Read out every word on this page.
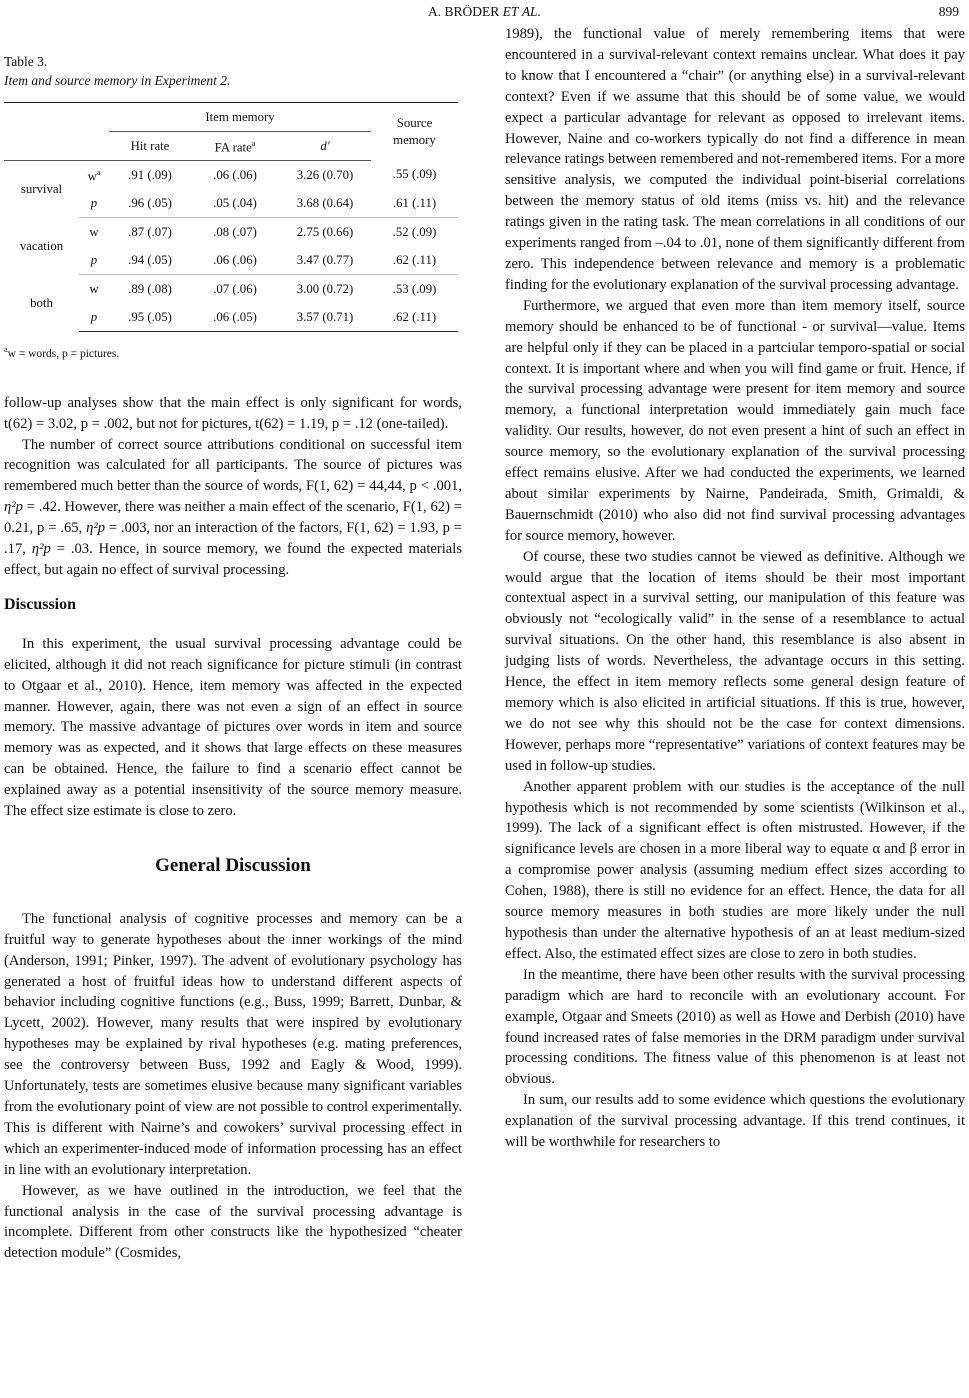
A. BRÖDER ET AL.	899
Table 3.
Item and source memory in Experiment 2.
		Item memory			Source
memory
		Hit rate	FA rate$^a$	d'	
survival	$w^a$	.91 (.09)	.06 (.06)	3.26 (0.70)	.55 (.09)
	p	.96 (.05)	.05 (.04)	3.68 (0.64)	.61 (.11)
vacation	w	.87 (.07)	.08 (.07)	2.75 (0.66)	.52 (.09)
	p	.94 (.05)	.06 (.06)	3.47 (0.77)	.62 (.11)
both	w	.89 (.08)	.07 (.06)	3.00 (0.72)	.53 (.09)
	p	.95 (.05)	.06 (.05)	3.57 (0.71)	.62 (.11)
$^a$w = words, p = pictures.

follow-up analyses show that the main effect is only significant for words, t(62) = 3.02, p = .002, but not for pictures, t(62) = 1.19, p = .12 (one-tailed).

The number of correct source attributions conditional on successful item recognition was calculated for all participants. The source of pictures was remembered much better than the source of words, F(1, 62) = 44,44, p < .001, η²p = .42. However, there was neither a main effect of the scenario, F(1, 62) = 0.21, p = .65, η²p = .003, nor an interaction of the factors, F(1, 62) = 1.93, p = .17, η²p = .03. Hence, in source memory, we found the expected materials effect, but again no effect of survival processing.

Discussion

In this experiment, the usual survival processing advantage could be elicited, although it did not reach significance for picture stimuli (in contrast to Otgaar et al., 2010). Hence, item memory was affected in the expected manner. However, again, there was not even a sign of an effect in source memory. The massive advantage of pictures over words in item and source memory was as expected, and it shows that large effects on these measures can be obtained. Hence, the failure to find a scenario effect cannot be explained away as a potential insensitivity of the source memory measure. The effect size estimate is close to zero.

General Discussion

The functional analysis of cognitive processes and memory can be a fruitful way to generate hypotheses about the inner workings of the mind (Anderson, 1991; Pinker, 1997). The advent of evolutionary psychology has generated a host of fruitful ideas how to understand different aspects of behavior including cognitive functions (e.g., Buss, 1999; Barrett, Dunbar, & Lycett, 2002). However, many results that were inspired by evolutionary hypotheses may be explained by rival hypotheses (e.g. mating preferences, see the controversy between Buss, 1992 and Eagly & Wood, 1999). Unfortunately, tests are sometimes elusive because many significant variables from the evolutionary point of view are not possible to control experimentally. This is different with Nairne’s and cowokers’ survival processing effect in which an experimenter-induced mode of information processing has an effect in line with an evolutionary interpretation.

However, as we have outlined in the introduction, we feel that the functional analysis in the case of the survival processing advantage is incomplete. Different from other constructs like the hypothesized “cheater detection module” (Cosmides,

1989), the functional value of merely remembering items that were encountered in a survival-relevant context remains unclear. What does it pay to know that I encountered a “chair” (or anything else) in a survival-relevant context? Even if we assume that this should be of some value, we would expect a particular advantage for relevant as opposed to irrelevant items. However, Naine and co-workers typically do not find a difference in mean relevance ratings between remembered and not-remembered items. For a more sensitive analysis, we computed the individual point-biserial correlations between the memory status of old items (miss vs. hit) and the relevance ratings given in the rating task. The mean correlations in all conditions of our experiments ranged from –.04 to .01, none of them significantly different from zero. This independence between relevance and memory is a problematic finding for the evolutionary explanation of the survival processing advantage.

Furthermore, we argued that even more than item memory itself, source memory should be enhanced to be of functional - or survival—value. Items are helpful only if they can be placed in a partciular temporo-spatial or social context. It is important where and when you will find game or fruit. Hence, if the survival processing advantage were present for item memory and source memory, a functional interpretation would immediately gain much face validity. Our results, however, do not even present a hint of such an effect in source memory, so the evolutionary explanation of the survival processing effect remains elusive. After we had conducted the experiments, we learned about similar experiments by Nairne, Pandeirada, Smith, Grimaldi, & Bauernschmidt (2010) who also did not find survival processing advantages for source memory, however.

Of course, these two studies cannot be viewed as definitive. Although we would argue that the location of items should be their most important contextual aspect in a survival setting, our manipulation of this feature was obviously not “ecologically valid” in the sense of a resemblance to actual survival situations. On the other hand, this resemblance is also absent in judging lists of words. Nevertheless, the advantage occurs in this setting. Hence, the effect in item memory reflects some general design feature of memory which is also elicited in artificial situations. If this is true, however, we do not see why this should not be the case for context dimensions. However, perhaps more “representative” variations of context features may be used in follow-up studies.

Another apparent problem with our studies is the acceptance of the null hypothesis which is not recommended by some scientists (Wilkinson et al., 1999). The lack of a significant effect is often mistrusted. However, if the significance levels are chosen in a more liberal way to equate α and β error in a compromise power analysis (assuming medium effect sizes according to Cohen, 1988), there is still no evidence for an effect. Hence, the data for all source memory measures in both studies are more likely under the null hypothesis than under the alternative hypothesis of an at least medium-sized effect. Also, the estimated effect sizes are close to zero in both studies.

In the meantime, there have been other results with the survival processing paradigm which are hard to reconcile with an evolutionary account. For example, Otgaar and Smeets (2010) as well as Howe and Derbish (2010) have found increased rates of false memories in the DRM paradigm under survival processing conditions. The fitness value of this phenomenon is at least not obvious.

In sum, our results add to some evidence which questions the evolutionary explanation of the survival processing advantage. If this trend continues, it will be worthwhile for researchers to
